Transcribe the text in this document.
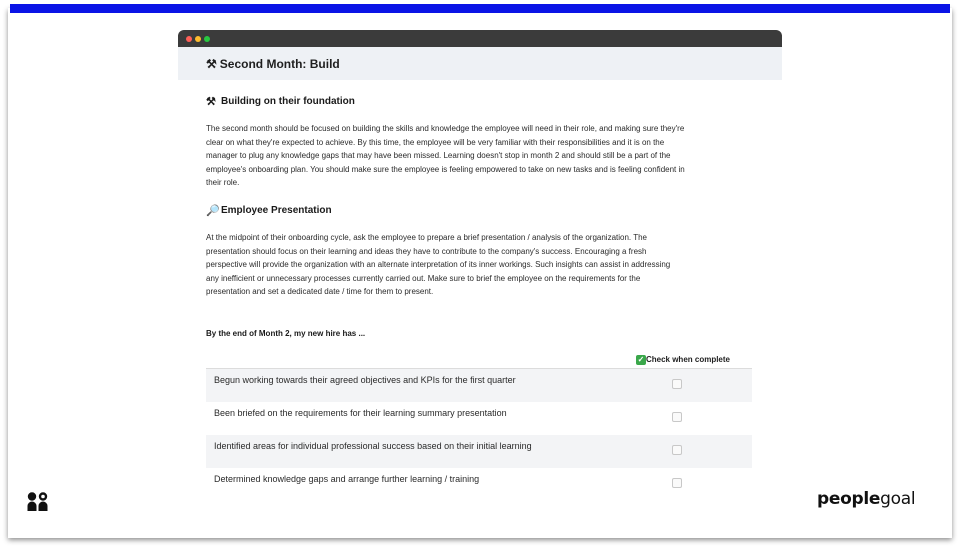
⚒ Second Month: Build
⚒ Building on their foundation
The second month should be focused on building the skills and knowledge the employee will need in their role, and making sure they're
clear on what they're expected to achieve. By this time, the employee will be very familiar with their responsibilities and it is on the
manager to plug any knowledge gaps that may have been missed. Learning doesn't stop in month 2 and should still be a part of the
employee's onboarding plan. You should make sure the employee is feeling empowered to take on new tasks and is feeling confident in
their role.
🔎 Employee Presentation
At the midpoint of their onboarding cycle, ask the employee to prepare a brief presentation / analysis of the organization. The
presentation should focus on their learning and ideas they have to contribute to the company's success. Encouraging a fresh
perspective will provide the organization with an alternate interpretation of its inner workings. Such insights can assist in addressing
any inefficient or unnecessary processes currently carried out. Make sure to brief the employee on the requirements for the
presentation and set a dedicated date / time for them to present.
By the end of Month 2, my new hire has ...
✓ Check when complete
Begun working towards their agreed objectives and KPIs for the first quarter
Been briefed on the requirements for their learning summary presentation
Identified areas for individual professional success based on their initial learning
Determined knowledge gaps and arrange further learning / training
peoplegoal
